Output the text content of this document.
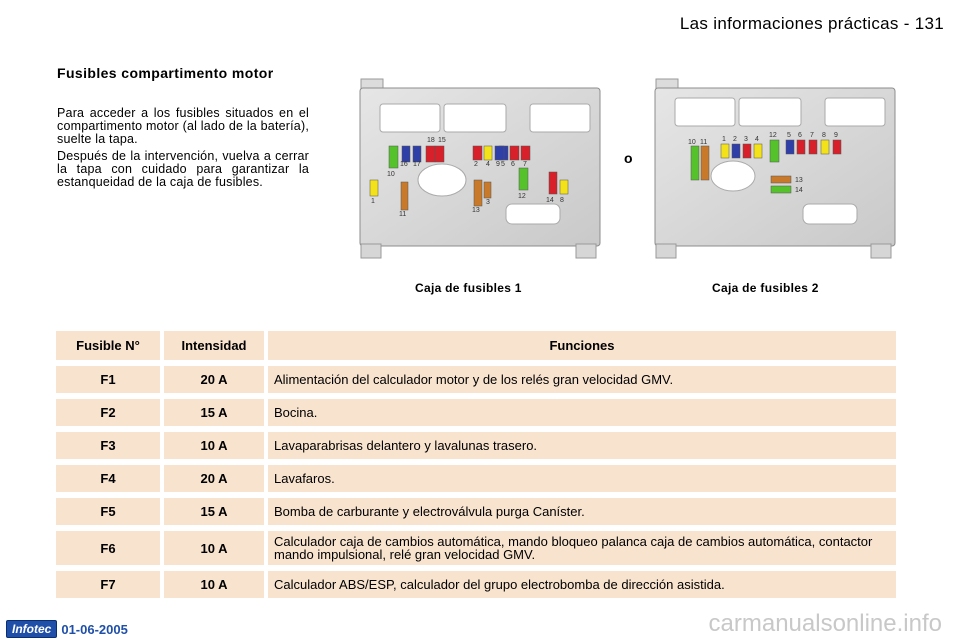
Las informaciones prácticas - 131
Fusibles compartimento motor

Para acceder a los fusibles situados en el compartimento motor (al lado de la batería), suelte la tapa.

Después de la intervención, vuelva a cerrar la tapa con cuidado para garantizar la estanqueidad de la caja de fusibles.

1
2
3
4 5 6 7
8
9
10
11
12
13
14
15
16 17
18
o
1 2 3 4
5 6 7 8 9
10 11
12
13
14
Caja de fusibles 1	Caja de fusibles 2
Fusible N°	Intensidad	Funciones
F1	20 A	Alimentación del calculador motor y de los relés gran velocidad GMV.
F2	15 A	Bocina.
F3	10 A	Lavaparabrisas delantero y lavalunas trasero.
F4	20 A	Lavafaros.
F5	15 A	Bomba de carburante y electroválvula purga Caníster.
F6	10 A	Calculador caja de cambios automática, mando bloqueo palanca caja de cambios automática, contactor mando impulsional, relé gran velocidad GMV.
F7	10 A	Calculador ABS/ESP, calculador del grupo electrobomba de dirección asistida.
Infotec 01-06-2005	carmanualsonline.info
